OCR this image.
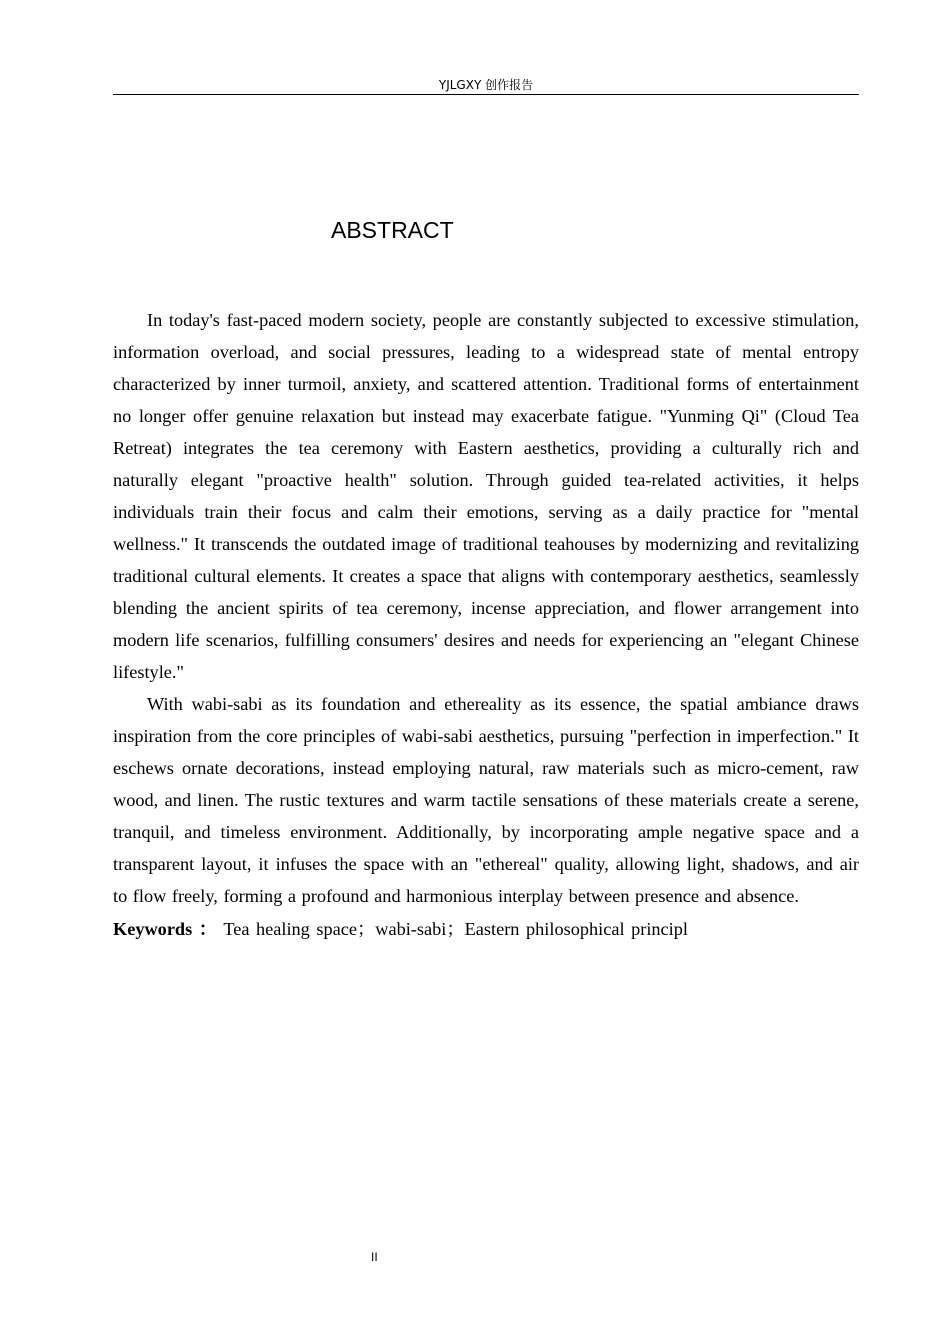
YJLGXY 创作报告
ABSTRACT

In today's fast-paced modern society, people are constantly subjected to excessive stimulation, information overload, and social pressures, leading to a widespread state of mental entropy characterized by inner turmoil, anxiety, and scattered attention. Traditional forms of entertainment no longer offer genuine relaxation but instead may exacerbate fatigue. "Yunming Qi" (Cloud Tea Retreat) integrates the tea ceremony with Eastern aesthetics, providing a culturally rich and naturally elegant "proactive health" solution. Through guided tea-related activities, it helps individuals train their focus and calm their emotions, serving as a daily practice for "mental wellness." It transcends the outdated image of traditional teahouses by modernizing and revitalizing traditional cultural elements. It creates a space that aligns with contemporary aesthetics, seamlessly blending the ancient spirits of tea ceremony, incense appreciation, and flower arrangement into modern life scenarios, fulfilling consumers' desires and needs for experiencing an "elegant Chinese lifestyle."

With wabi-sabi as its foundation and ethereality as its essence, the spatial ambiance draws inspiration from the core principles of wabi-sabi aesthetics, pursuing "perfection in imperfection." It eschews ornate decorations, instead employing natural, raw materials such as micro-cement, raw wood, and linen. The rustic textures and warm tactile sensations of these materials create a serene, tranquil, and timeless environment. Additionally, by incorporating ample negative space and a transparent layout, it infuses the space with an "ethereal" quality, allowing light, shadows, and air to flow freely, forming a profound and harmonious interplay between presence and absence.

Keywords ： Tea healing space；wabi-sabi；Eastern philosophical principl

II
